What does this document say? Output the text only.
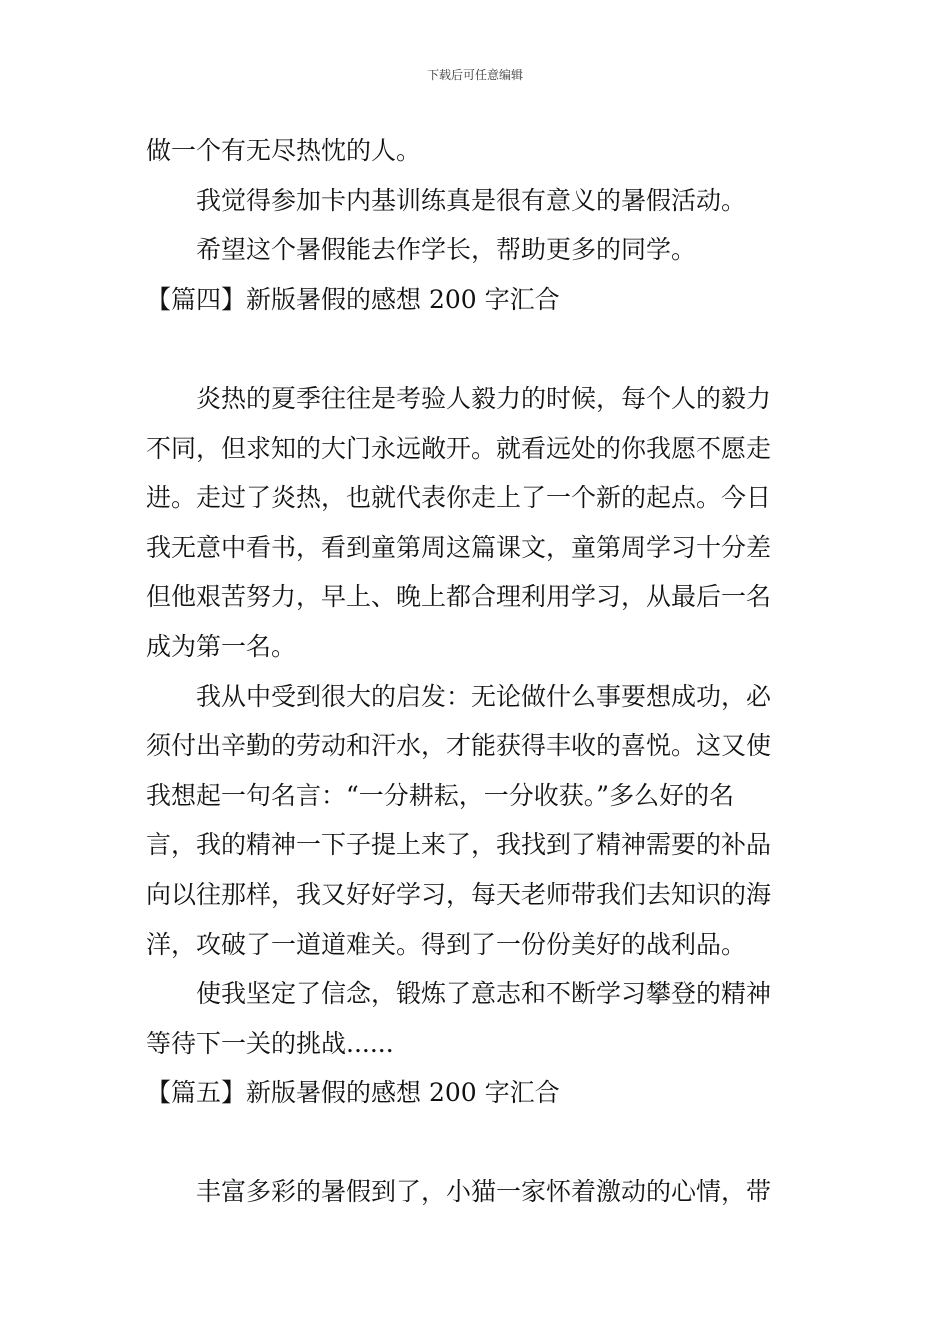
下载后可任意编辑
做一个有无尽热忱的人。
我觉得参加卡内基训练真是很有意义的暑假活动。
希望这个暑假能去作学长，帮助更多的同学。
【篇四】新版暑假的感想 200 字汇合
炎热的夏季往往是考验人毅力的时候，每个人的毅力
不同，但求知的大门永远敞开。就看远处的你我愿不愿走
进。走过了炎热，也就代表你走上了一个新的起点。今日
我无意中看书，看到童第周这篇课文，童第周学习十分差
但他艰苦努力，早上、晚上都合理利用学习，从最后一名
成为第一名。
我从中受到很大的启发：无论做什么事要想成功，必
须付出辛勤的劳动和汗水，才能获得丰收的喜悦。这又使
我想起一句名言：“一分耕耘，一分收获。”多么好的名
言，我的精神一下子提上来了，我找到了精神需要的补品
向以往那样，我又好好学习，每天老师带我们去知识的海
洋，攻破了一道道难关。得到了一份份美好的战利品。
使我坚定了信念，锻炼了意志和不断学习攀登的精神
等待下一关的挑战......
【篇五】新版暑假的感想 200 字汇合
丰富多彩的暑假到了，小猫一家怀着激动的心情，带
